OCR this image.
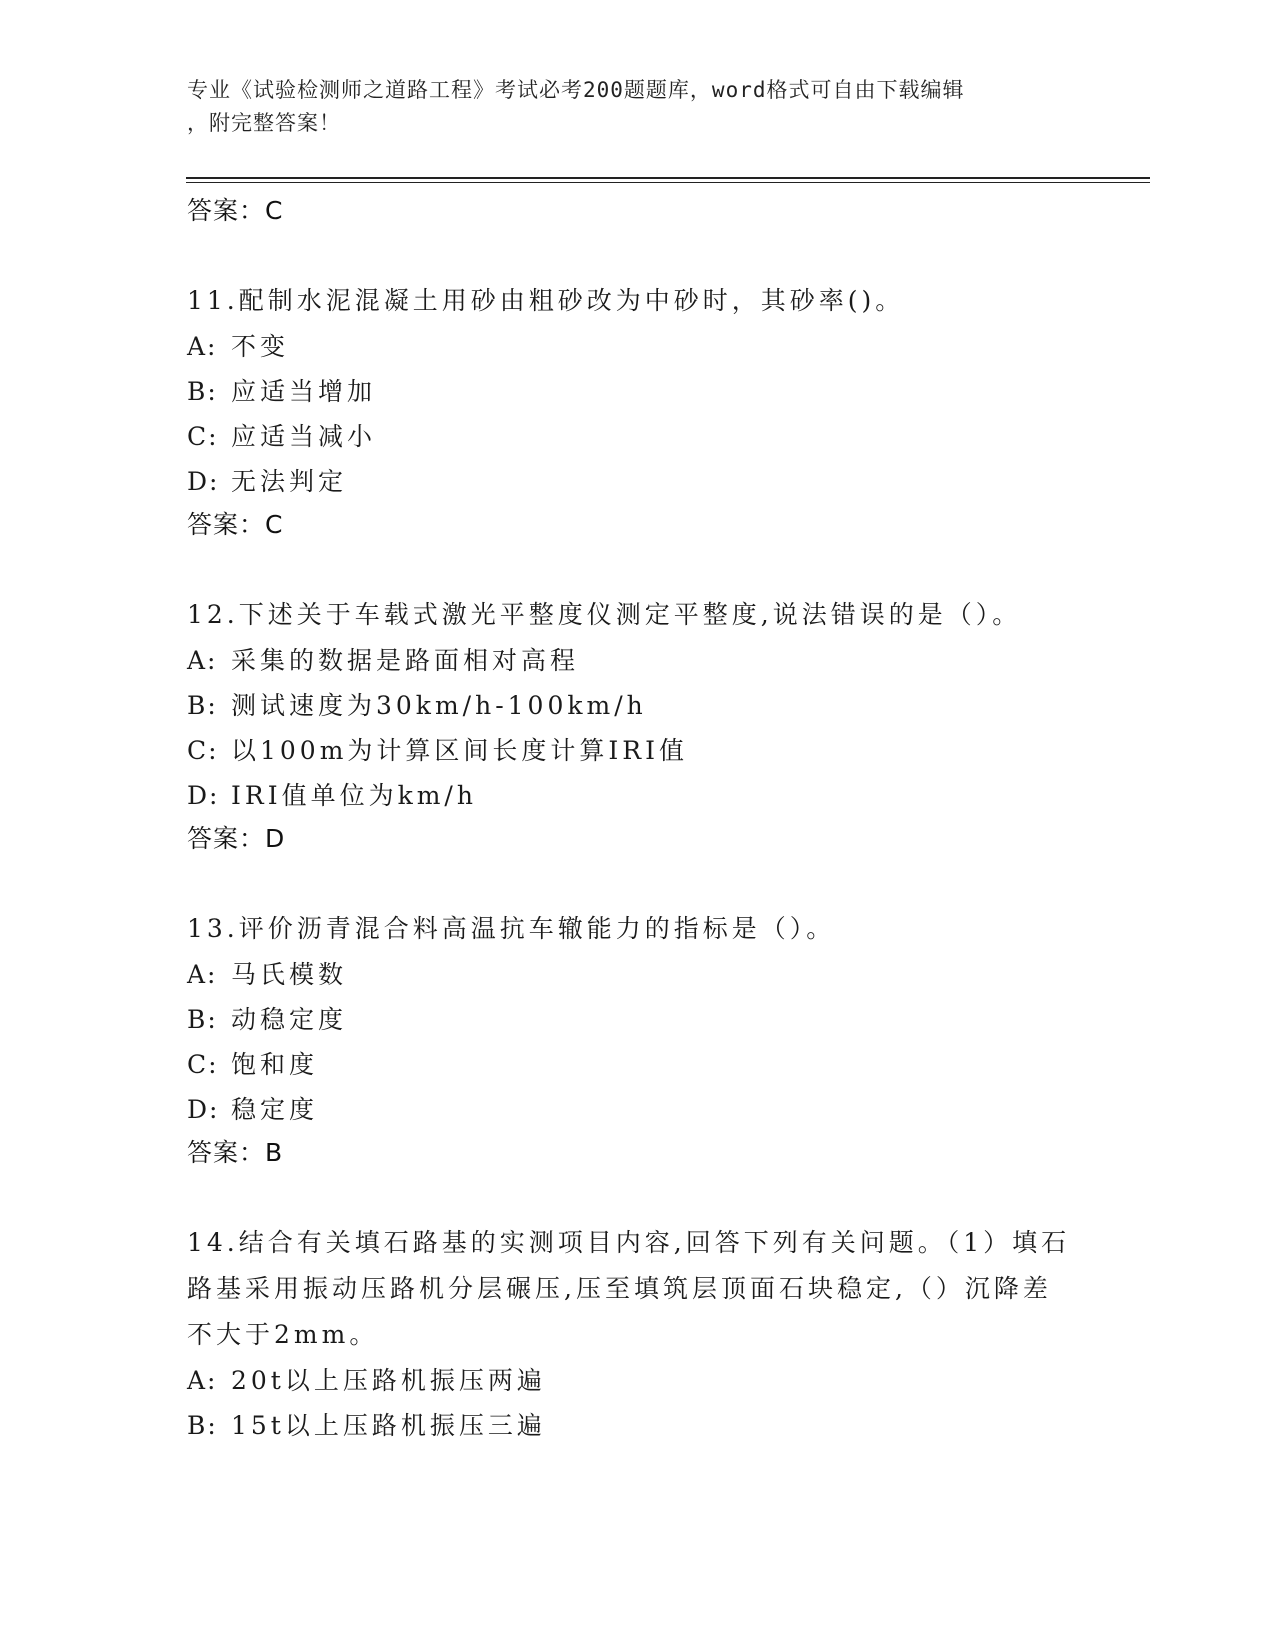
专业《试验检测师之道路工程》考试必考200题题库，word格式可自由下载编辑
，附完整答案！
答案：C
11.配制水泥混凝土用砂由粗砂改为中砂时，其砂率()。
A: 不变
B: 应适当增加
C: 应适当减小
D: 无法判定
答案：C
12.下述关于车载式激光平整度仪测定平整度,说法错误的是（）。
A: 采集的数据是路面相对高程
B: 测试速度为30km/h-100km/h
C: 以100m为计算区间长度计算IRI值
D: IRI值单位为km/h
答案：D
13.评价沥青混合料高温抗车辙能力的指标是（）。
A: 马氏模数
B: 动稳定度
C: 饱和度
D: 稳定度
答案：B
14.结合有关填石路基的实测项目内容,回答下列有关问题。（1）填石
路基采用振动压路机分层碾压,压至填筑层顶面石块稳定,（）沉降差
不大于2mm。
A: 20t以上压路机振压两遍
B: 15t以上压路机振压三遍
